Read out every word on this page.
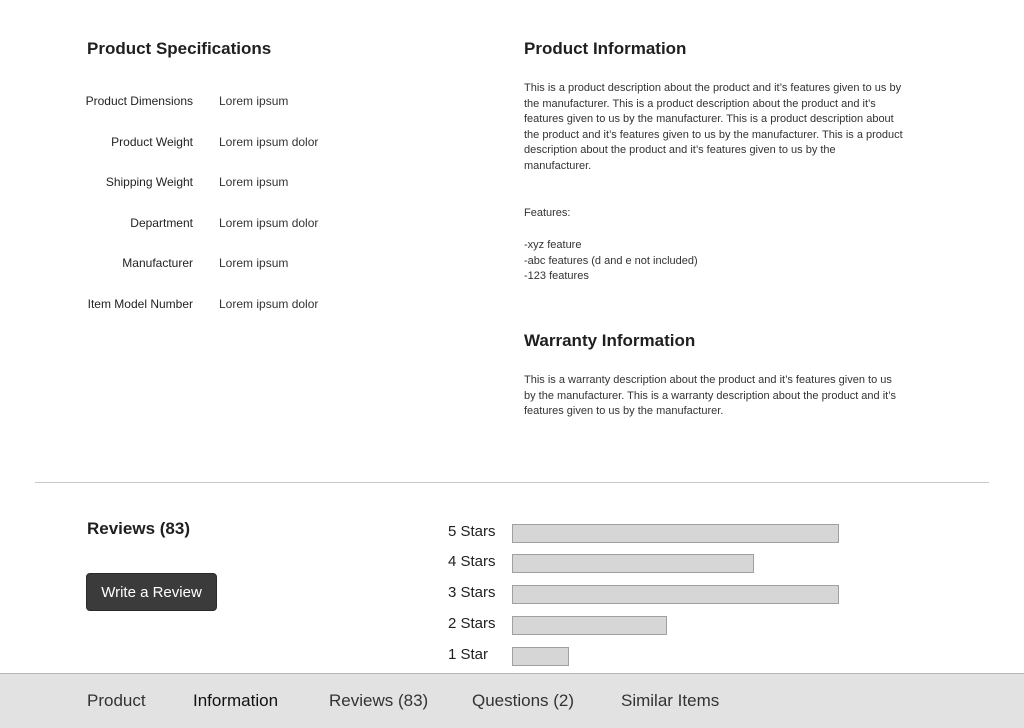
Product Specifications
Product Dimensions Lorem ipsum
Product Weight Lorem ipsum dolor
Shipping Weight Lorem ipsum
Department Lorem ipsum dolor
Manufacturer Lorem ipsum
Item Model Number Lorem ipsum dolor
Product Information

This is a product description about the product and it’s features given to us by the manufacturer. This is a product description about the product and it’s features given to us by the manufacturer. This is a product description about the product and it’s features given to us by the manufacturer. This is a product description about the product and it’s features given to us by the manufacturer.

Features:

-xyz feature
-abc features (d and e not included)
-123 features
Warranty Information

This is a warranty description about the product and it’s features given to us by the manufacturer. This is a warranty description about the product and it’s features given to us by the manufacturer.

Reviews (83)
Write a Review
5 Stars
4 Stars
3 Stars
2 Stars
1 Star
Product	Information	Reviews (83)	Questions (2)	Similar Items
